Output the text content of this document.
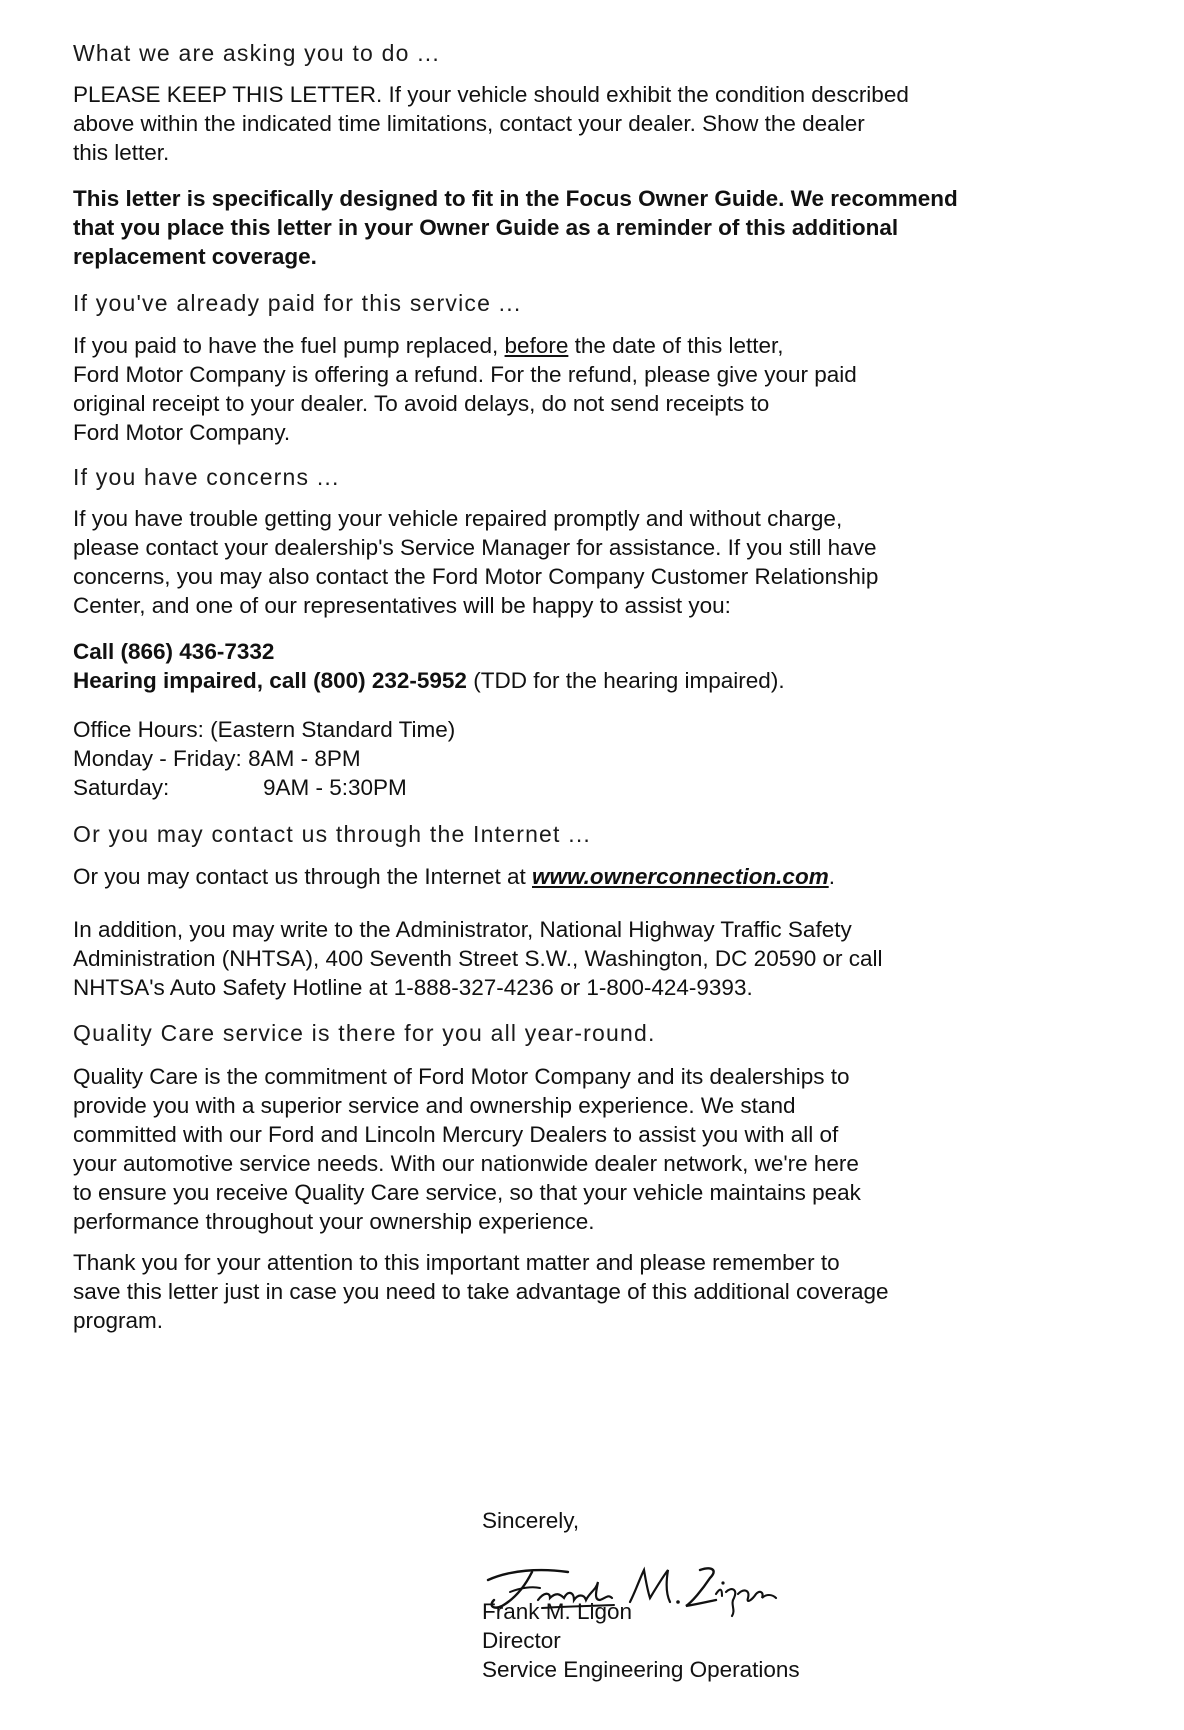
What we are asking you to do ...
PLEASE KEEP THIS LETTER. If your vehicle should exhibit the condition described
above within the indicated time limitations, contact your dealer. Show the dealer
this letter.
This letter is specifically designed to fit in the Focus Owner Guide. We recommend
that you place this letter in your Owner Guide as a reminder of this additional
replacement coverage.
If you've already paid for this service ...
If you paid to have the fuel pump replaced, before the date of this letter,
Ford Motor Company is offering a refund. For the refund, please give your paid
original receipt to your dealer. To avoid delays, do not send receipts to
Ford Motor Company.
If you have concerns ...
If you have trouble getting your vehicle repaired promptly and without charge,
please contact your dealership's Service Manager for assistance. If you still have
concerns, you may also contact the Ford Motor Company Customer Relationship
Center, and one of our representatives will be happy to assist you:
Call (866) 436-7332
Hearing impaired, call (800) 232-5952 (TDD for the hearing impaired).
Office Hours: (Eastern Standard Time)
Monday - Friday: 8AM - 8PM
Saturday:	9AM - 5:30PM
Or you may contact us through the Internet ...
Or you may contact us through the Internet at www.ownerconnection.com.
In addition, you may write to the Administrator, National Highway Traffic Safety
Administration (NHTSA), 400 Seventh Street S.W., Washington, DC 20590 or call
NHTSA's Auto Safety Hotline at 1-888-327-4236 or 1-800-424-9393.
Quality Care service is there for you all year-round.
Quality Care is the commitment of Ford Motor Company and its dealerships to
provide you with a superior service and ownership experience. We stand
committed with our Ford and Lincoln Mercury Dealers to assist you with all of
your automotive service needs. With our nationwide dealer network, we're here
to ensure you receive Quality Care service, so that your vehicle maintains peak
performance throughout your ownership experience.
Thank you for your attention to this important matter and please remember to
save this letter just in case you need to take advantage of this additional coverage
program.
Sincerely,
Frank M. Ligon
Director
Service Engineering Operations
